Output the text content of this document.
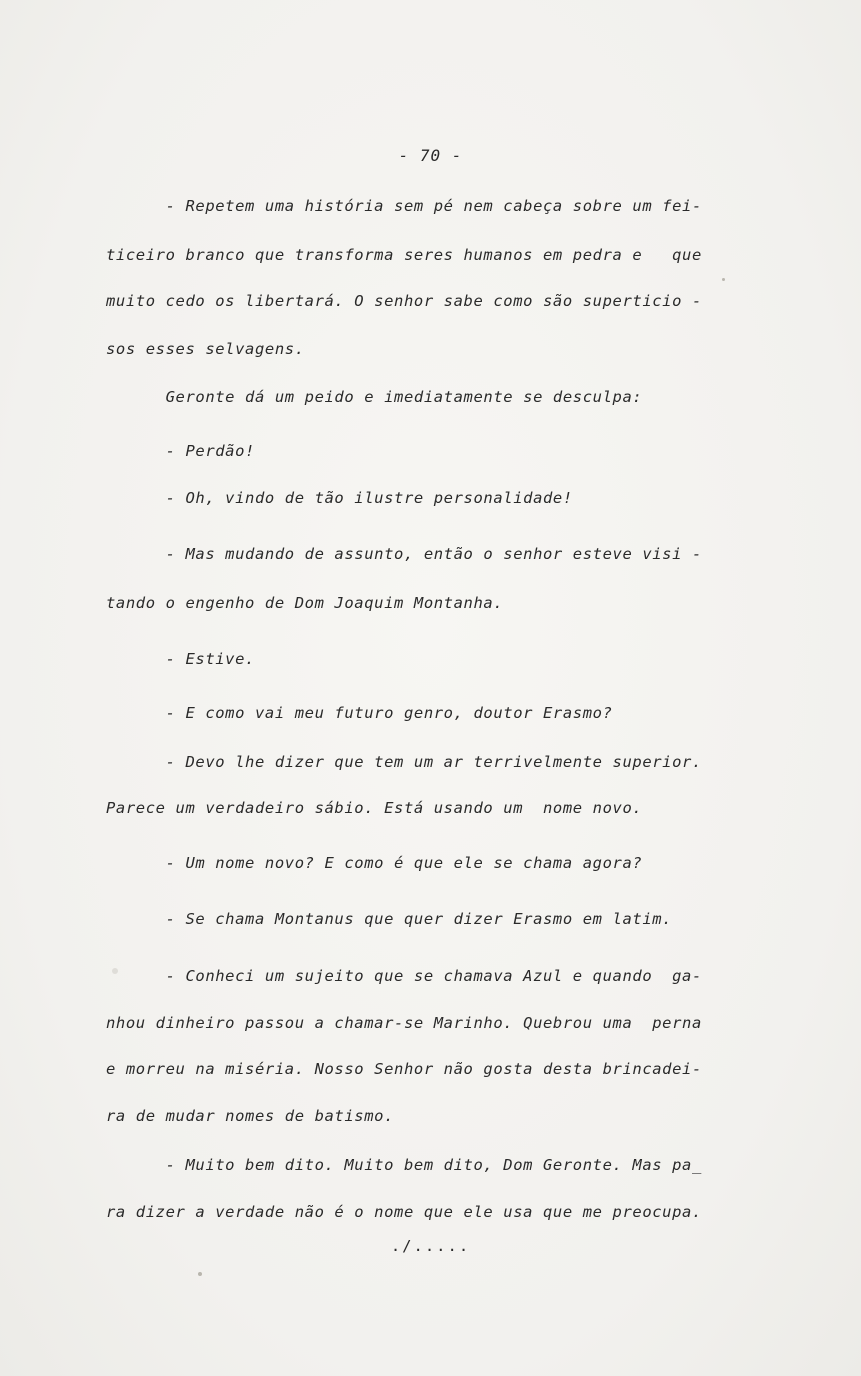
- 70 -
- Repetem uma história sem pé nem cabeça sobre um fei-
ticeiro branco que transforma seres humanos em pedra e   que
muito cedo os libertará. O senhor sabe como são superticio -
sos esses selvagens.
Geronte dá um peido e imediatamente se desculpa:
- Perdão!
- Oh, vindo de tão ilustre personalidade!
- Mas mudando de assunto, então o senhor esteve visi -
tando o engenho de Dom Joaquim Montanha.
- Estive.
- E como vai meu futuro genro, doutor Erasmo?
- Devo lhe dizer que tem um ar terrivelmente superior.
Parece um verdadeiro sábio. Está usando um  nome novo.
- Um nome novo? E como é que ele se chama agora?
- Se chama Montanus que quer dizer Erasmo em latim.
- Conheci um sujeito que se chamava Azul e quando  ga-
nhou dinheiro passou a chamar-se Marinho. Quebrou uma  perna
e morreu na miséria. Nosso Senhor não gosta desta brincadei-
ra de mudar nomes de batismo.
- Muito bem dito. Muito bem dito, Dom Geronte. Mas pa_
ra dizer a verdade não é o nome que ele usa que me preocupa.
./.....
